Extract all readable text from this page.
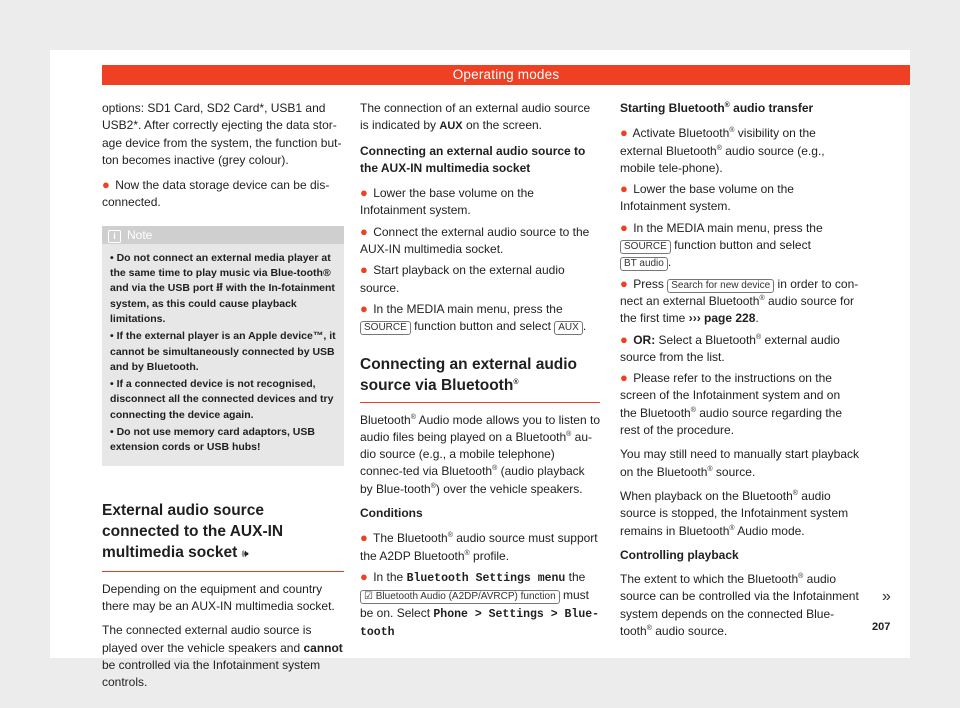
Operating modes

options: SD1 Card, SD2 Card*, USB1 and USB2*. After correctly ejecting the data stor-age device from the system, the function but-ton becomes inactive (grey colour).

● Now the data storage device can be dis-connected.

i Note
• Do not connect an external media player at the same time to play music via Blue-tooth® and via the USB port ⭿ with the In-fotainment system, as this could cause playback limitations.
• If the external player is an Apple device™, it cannot be simultaneously connected by USB and by Bluetooth.
• If a connected device is not recognised, disconnect all the connected devices and try connecting the device again.
• Do not use memory card adaptors, USB extension cords or USB hubs!
External audio source connected to the AUX-IN multimedia socket 🕪

Depending on the equipment and country there may be an AUX-IN multimedia socket.

The connected external audio source is played over the vehicle speakers and cannot be controlled via the Infotainment system controls.

The connection of an external audio source is indicated by AUX on the screen.

Connecting an external audio source to the AUX-IN multimedia socket

● Lower the base volume on the Infotainment system.

● Connect the external audio source to the AUX-IN multimedia socket.

● Start playback on the external audio source.

● In the MEDIA main menu, press the SOURCE function button and select AUX .

Connecting an external audio source via Bluetooth®

Bluetooth® Audio mode allows you to listen to audio files being played on a Bluetooth® au-dio source (e.g., a mobile telephone) connec-ted via Bluetooth® (audio playback by Blue-tooth®) over the vehicle speakers.

Conditions

● The Bluetooth® audio source must support the A2DP Bluetooth® profile.

● In the Bluetooth Settings menu the ☑ Bluetooth Audio (A2DP/AVRCP) function must be on. Select Phone > Settings > Blue-tooth

Starting Bluetooth® audio transfer

● Activate Bluetooth® visibility on the external Bluetooth® audio source (e.g., mobile tele-phone).

● Lower the base volume on the Infotainment system.

● In the MEDIA main menu, press the SOURCE function button and select BT audio .

● Press Search for new device in order to con-nect an external Bluetooth® audio source for the first time ››› page 228.

● OR: Select a Bluetooth® external audio source from the list.

● Please refer to the instructions on the screen of the Infotainment system and on the Bluetooth® audio source regarding the rest of the procedure.

You may still need to manually start playback on the Bluetooth® source.

When playback on the Bluetooth® audio source is stopped, the Infotainment system remains in Bluetooth® Audio mode.

Controlling playback

The extent to which the Bluetooth® audio source can be controlled via the Infotainment system depends on the connected Blue-tooth® audio source.

»
207
